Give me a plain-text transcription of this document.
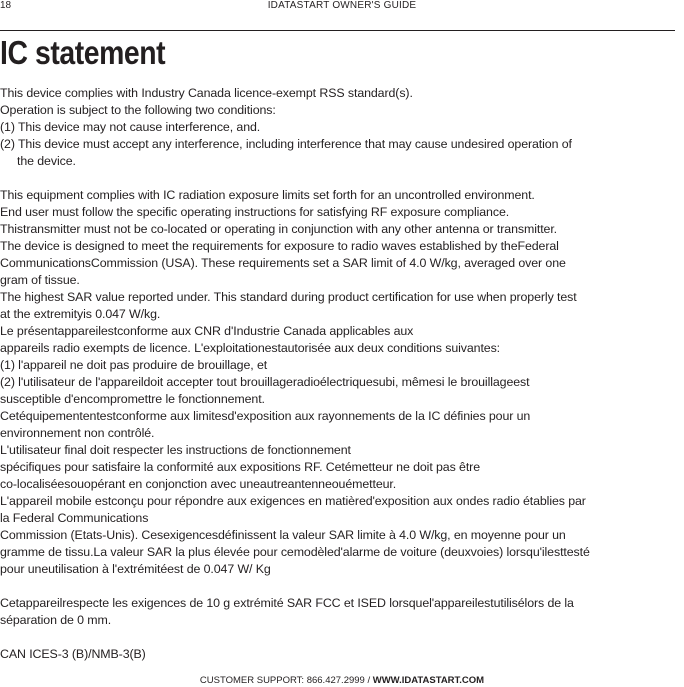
18	IDATASTART OWNER'S GUIDE
IC statement

This device complies with Industry Canada licence-exempt RSS standard(s).

Operation is subject to the following two conditions:

(1) This device may not cause interference, and.

(2) This device must accept any interference, including interference that may cause undesired operation of

the device.

This equipment complies with IC radiation exposure limits set forth for an uncontrolled environment.

End user must follow the specific operating instructions for satisfying RF exposure compliance.

Thistransmitter must not be co-located or operating in conjunction with any other antenna or transmitter.

The device is designed to meet the requirements for exposure to radio waves established by theFederal

CommunicationsCommission (USA). These requirements set a SAR limit of 4.0 W/kg, averaged over one

gram of tissue.

The highest SAR value reported under. This standard during product certification for use when properly test

at the extremityis 0.047 W/kg.

Le présentappareilestconforme aux CNR d'Industrie Canada applicables aux

appareils radio exempts de licence. L'exploitationestautorisée aux deux conditions suivantes:

(1) l'appareil ne doit pas produire de brouillage, et

(2) l'utilisateur de l'appareildoit accepter tout brouillageradioélectriquesubi, mêmesi le brouillageest

susceptible d'encompromettre le fonctionnement.

Cetéquipemententestconforme aux limitesd'exposition aux rayonnements de la IC définies pour un

environnement non contrôlé.

L'utilisateur final doit respecter les instructions de fonctionnement

spécifiques pour satisfaire la conformité aux expositions RF. Cetémetteur ne doit pas être

co-localiséesouopérant en conjonction avec uneautreantenneouémetteur.

L'appareil mobile estconçu pour répondre aux exigences en matièred'exposition aux ondes radio établies par

la Federal Communications

Commission (Etats-Unis). Cesexigencesdéfinissent la valeur SAR limite à 4.0 W/kg, en moyenne pour un

gramme de tissu.La valeur SAR la plus élevée pour cemodèled'alarme de voiture (deuxvoies) lorsqu'ilesttesté

pour uneutilisation à l'extrémitéest de 0.047 W/ Kg

Cetappareilrespecte les exigences de 10 g extrémité SAR FCC et ISED lorsquel'appareilestutilisélors de la

séparation de 0 mm.

CAN ICES-3 (B)/NMB-3(B)

CUSTOMER SUPPORT: 866.427.2999 / WWW.IDATASTART.COM
